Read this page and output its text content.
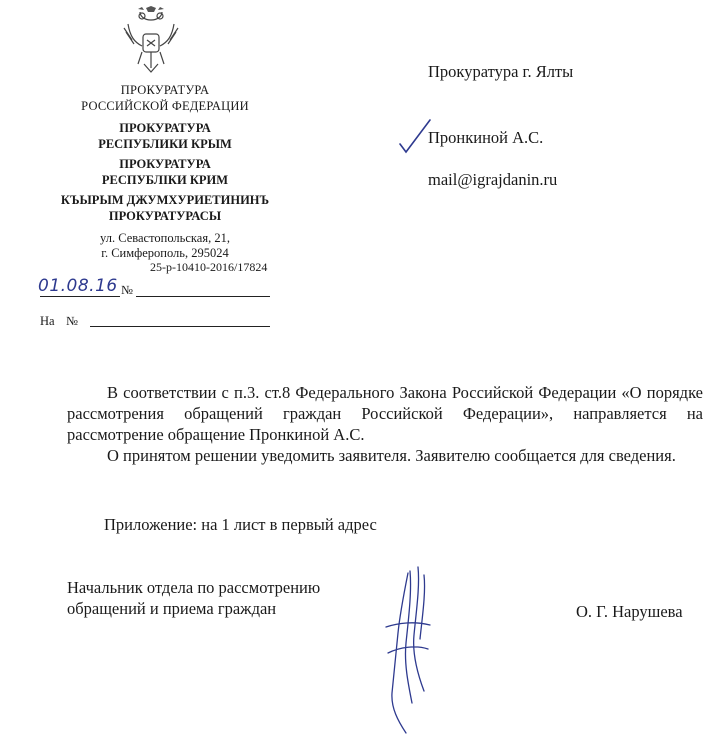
ПРОКУРАТУРА
РОССИЙСКОЙ ФЕДЕРАЦИИ
ПРОКУРАТУРА
РЕСПУБЛИКИ КРЫМ
ПРОКУРАТУРА
РЕСПУБЛІКИ КРИМ
КЪЫРЫМ ДЖУМХУРИЕТИНИНЪ
ПРОКУРАТУРАСЫ
ул. Севастопольская, 21,
г. Симферополь, 295024
25-р-10410-2016/17824
01.08.16 №
На №
Прокуратура г. Ялты
Пронкиной А.С.
mail@igrajdanin.ru

В соответствии с п.3. ст.8 Федерального Закона Российской Федерации «О порядке рассмотрения обращений граждан Российской Федерации», направляется на рассмотрение обращение Пронкиной А.С.

О принятом решении уведомить заявителя. Заявителю сообщается для сведения.

Приложение: на 1 лист в первый адрес
Начальник отдела по рассмотрению
обращений и приема граждан	О. Г. Нарушева
